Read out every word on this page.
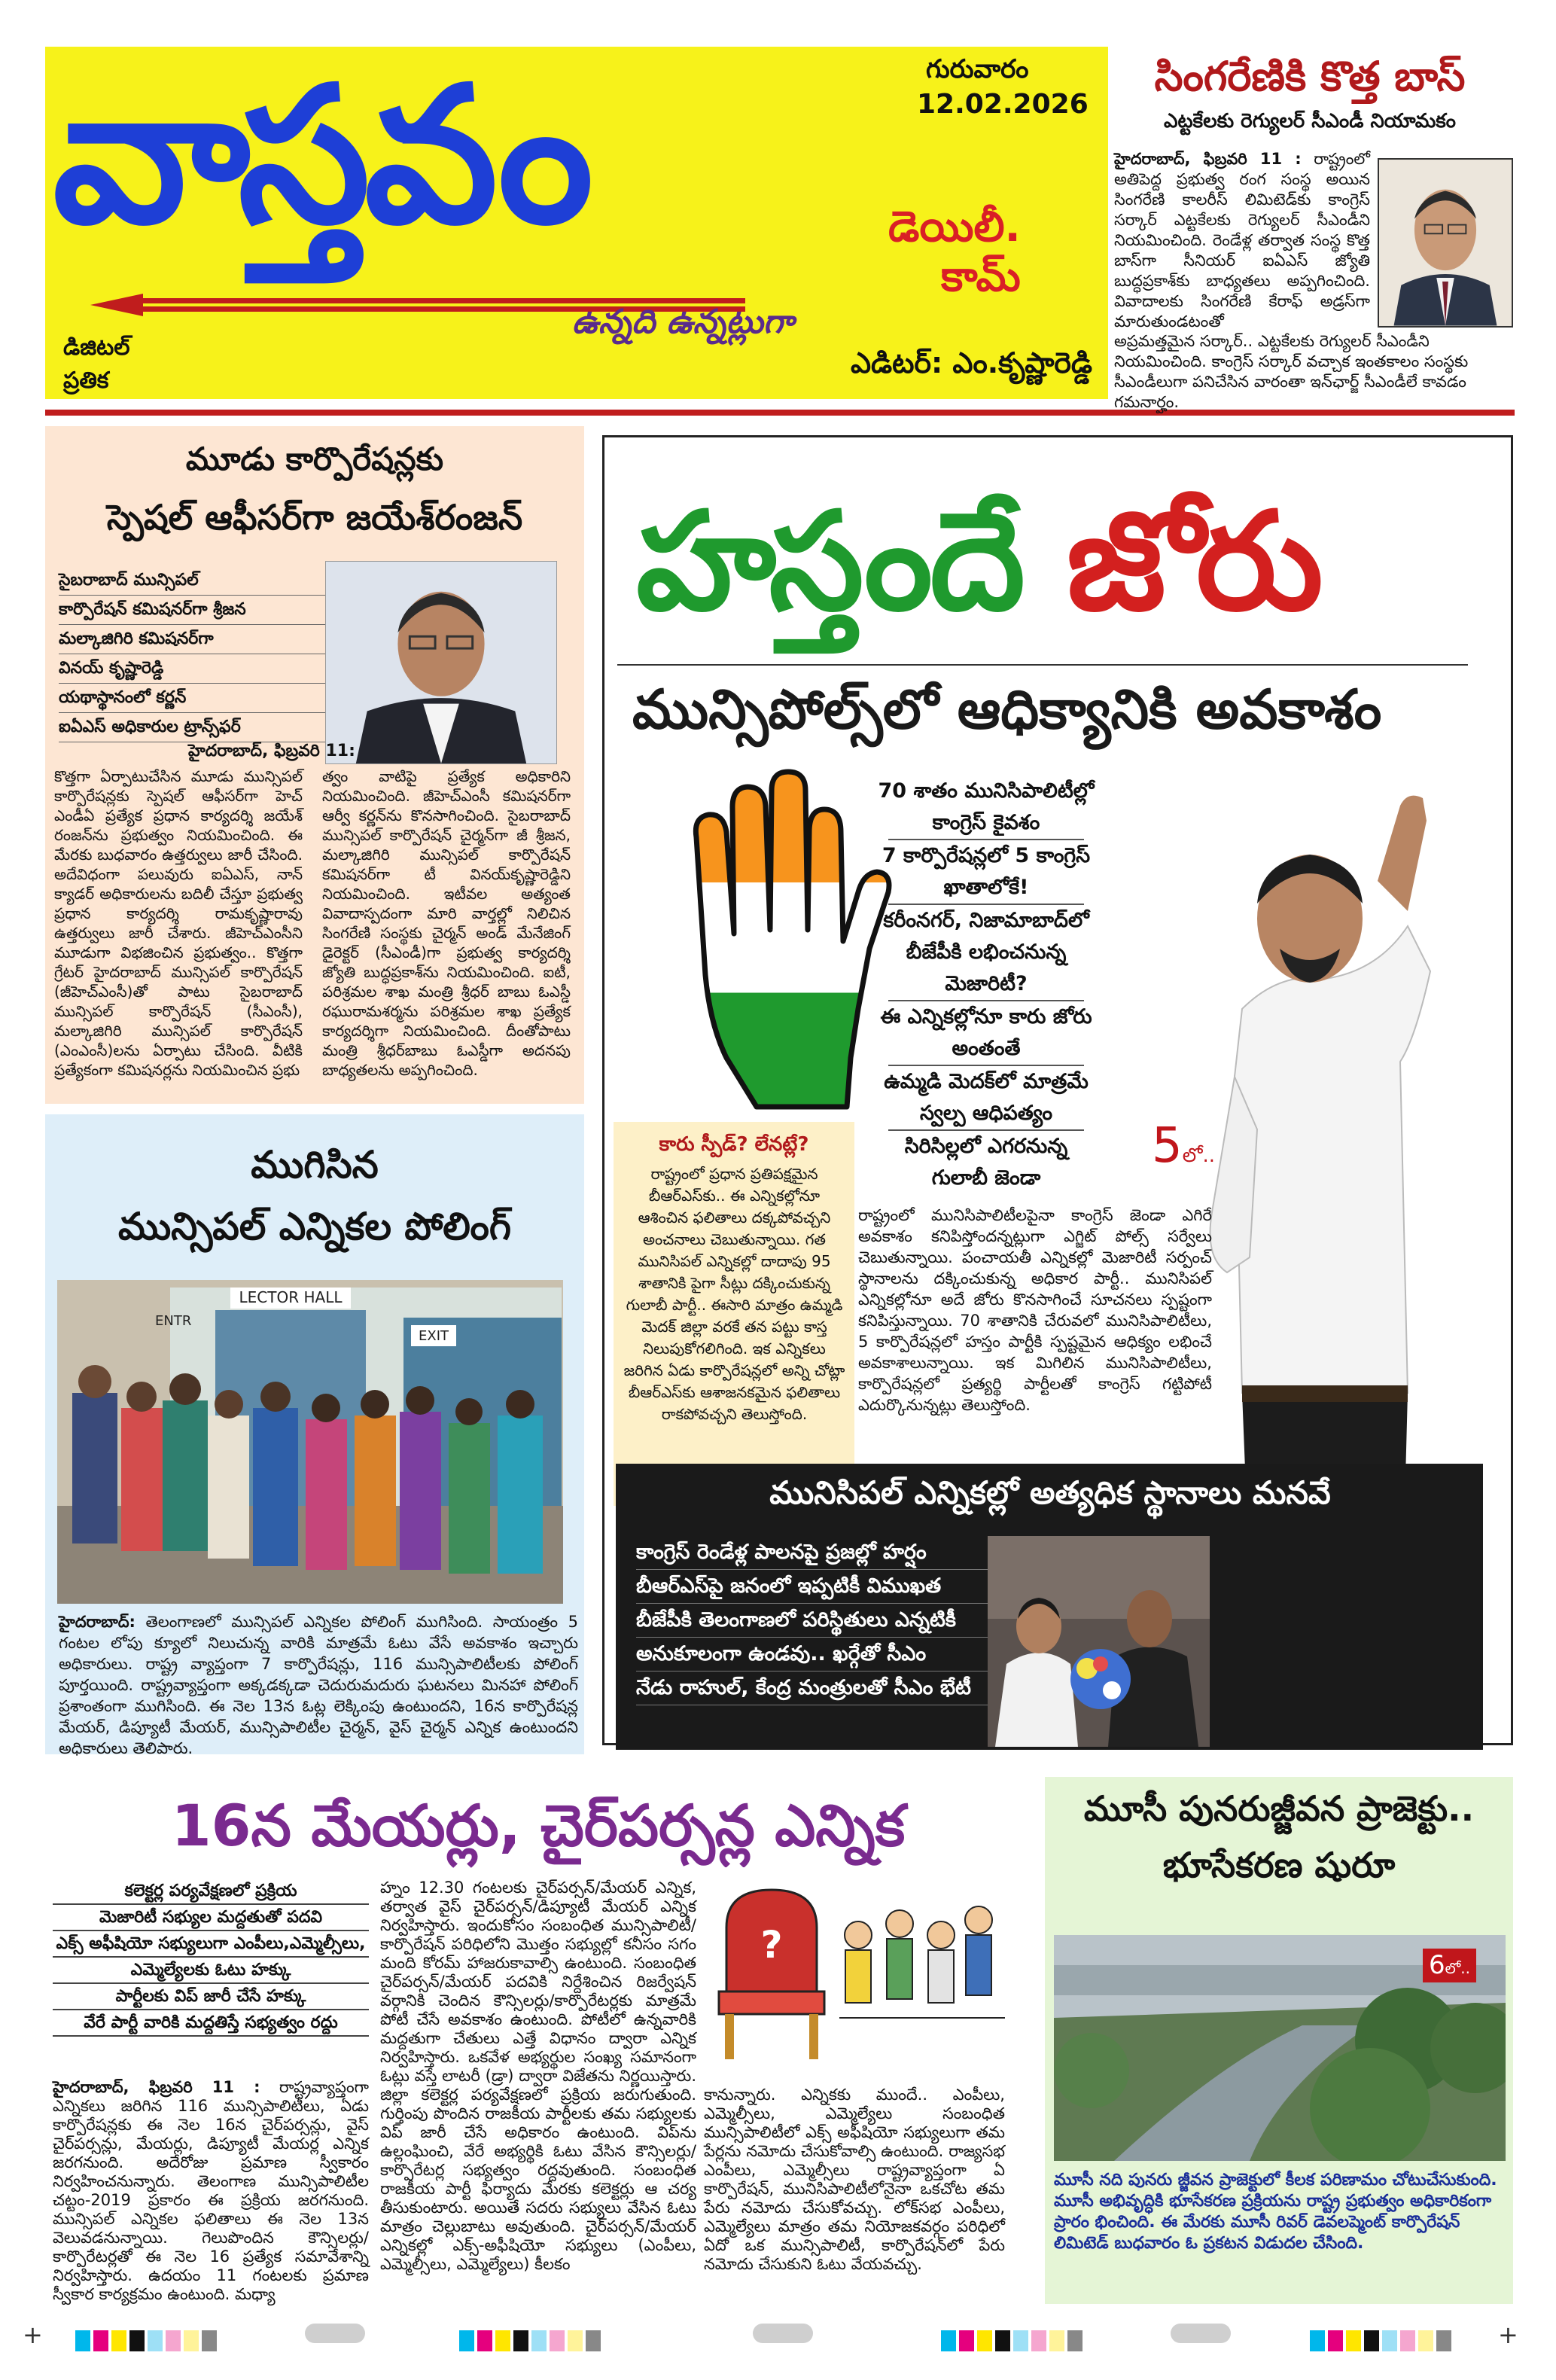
వాస్తవం
డిజిటల్
ప్రతిక
గురువారం
12.02.2026
డెయిలీ.
కామ్
ఉన్నది ఉన్నట్లుగా
ఎడిటర్: ఎం.కృష్ణారెడ్డి
సింగరేణికి కొత్త బాస్
ఎట్టకేలకు రెగ్యులర్ సీఎండీ నియామకం
హైదరాబాద్, ఫిబ్రవరి 11 : రాష్ట్రంలో అతిపెద్ద ప్రభుత్వ రంగ సంస్థ అయిన సింగరేణి కాలరీస్ లిమిటెడ్‌కు కాంగ్రెస్ సర్కార్ ఎట్టకేలకు రెగ్యులర్ సీఎండీని నియమించింది. రెండేళ్ల తర్వాత సంస్థ కొత్త బాస్‌గా సీనియర్ ఐఏఎస్ జ్యోతి బుద్ధప్రకాశ్‌కు బాధ్యతలు అప్పగించింది. వివాదాలకు సింగరేణి కేరాఫ్ అడ్రస్‌గా మారుతుండటంతో
అప్రమత్తమైన సర్కార్.. ఎట్టకేలకు రెగ్యులర్ సీఎండీని నియమించింది. కాంగ్రెస్ సర్కార్ వచ్చాక ఇంతకాలం సంస్థకు సీఎండీలుగా పనిచేసిన వారంతా ఇన్‌ఛార్జ్ సీఎండీలే కావడం గమనార్హం.
మూడు కార్పొరేషన్లకు
స్పెషల్ ఆఫీసర్‌గా జయేశ్‌రంజన్
సైబరాబాద్ మున్సిపల్
కార్పొరేషన్ కమిషనర్‌గా శ్రీజన
మల్కాజిగిరి కమిషనర్‌గా
వినయ్ కృష్ణారెడ్డి
యథాస్థానంలో కర్ణన్
ఐఏఎస్ అధికారుల ట్రాన్స్‌ఫర్
హైదరాబాద్, ఫిబ్రవరి 11:
కొత్తగా ఏర్పాటుచేసిన మూడు మున్సిపల్ కార్పొరేషన్లకు స్పెషల్ ఆఫీసర్‌గా హెచ్ ఎండీఏ ప్రత్యేక ప్రధాన కార్యదర్శి జయేశ్ రంజన్‌ను ప్రభుత్వం నియమించింది. ఈ మేరకు బుధవారం ఉత్తర్వులు జారీ చేసింది. అదేవిధంగా పలువురు ఐఏఎస్, నాన్ క్యాడర్ అధికారులను బదిలీ చేస్తూ ప్రభుత్వ ప్రధాన కార్యదర్శి రామకృష్ణారావు ఉత్తర్వులు జారీ చేశారు. జీహెచ్‌ఎంసీని మూడుగా విభజించిన ప్రభుత్వం.. కొత్తగా గ్రేటర్ హైదరాబాద్ మున్సిపల్ కార్పొరేషన్ (జీహెచ్‌ఎంసీ)తో పాటు సైబరాబాద్ మున్సిపల్ కార్పొరేషన్ (సీఎంసీ), మల్కాజిగిరి మున్సిపల్ కార్పొరేషన్ (ఎంఎంసీ)లను ఏర్పాటు చేసింది. వీటికి ప్రత్యేకంగా కమిషనర్లను నియమించిన ప్రభు
త్వం వాటిపై ప్రత్యేక అధికారిని నియమించింది. జీహెచ్‌ఎంసీ కమిషనర్‌గా ఆర్వీ కర్ణన్‌ను కొనసాగించింది. సైబరాబాద్ మున్సిపల్ కార్పొరేషన్ చైర్మన్‌గా జీ శ్రీజన, మల్కాజిగిరి మున్సిపల్ కార్పొరేషన్ కమిషనర్‌గా టీ వినయ్‌కృష్ణారెడ్డిని నియమించింది. ఇటీవల అత్యంత వివాదాస్పదంగా మారి వార్తల్లో నిలిచిన సింగరేణి సంస్థకు చైర్మన్ అండ్ మేనేజింగ్ డైరెక్టర్ (సీఎండీ)గా ప్రభుత్వ కార్యదర్శి జ్యోతి బుద్ధప్రకాశ్‌ను నియమించింది. ఐటీ, పరిశ్రమల శాఖ మంత్రి శ్రీధర్ బాబు ఓఎస్డీ రఘురామశర్మను పరిశ్రమల శాఖ ప్రత్యేక కార్యదర్శిగా నియమించింది. దీంతోపాటు మంత్రి శ్రీధర్‌బాబు ఓఎస్డీగా అదనపు బాధ్యతలను అప్పగించింది.
ముగిసిన
మున్సిపల్ ఎన్నికల పోలింగ్
LECTOR HALL
EXIT
ENTR
హైదరాబాద్: తెలంగాణలో మున్సిపల్ ఎన్నికల పోలింగ్ ముగిసింది. సాయంత్రం 5 గంటల లోపు క్యూలో నిలుచున్న వారికి మాత్రమే ఓటు వేసే అవకాశం ఇచ్చారు అధికారులు. రాష్ట్ర వ్యాప్తంగా 7 కార్పొరేషన్లు, 116 మున్సిపాలిటీలకు పోలింగ్ పూర్తయింది. రాష్ట్రవ్యాప్తంగా అక్కడక్కడా చెదురుమదురు ఘటనలు మినహా పోలింగ్ ప్రశాంతంగా ముగిసింది. ఈ నెల 13న ఓట్ల లెక్కింపు ఉంటుందని, 16న కార్పొరేషన్ల మేయర్, డిప్యూటీ మేయర్, మున్సిపాలిటీల చైర్మన్, వైస్ చైర్మన్ ఎన్నిక ఉంటుందని అధికారులు తెలిపారు.
హస్తందే జోరు
మున్సిపోల్స్‌లో ఆధిక్యానికి అవకాశం
70 శాతం మునిసిపాలిటీల్లో
కాంగ్రెస్ కైవశం
7 కార్పొరేషన్లలో 5 కాంగ్రెస్
ఖాతాలోకే!
కరీంనగర్, నిజామాబాద్‌లో
బీజేపీకి లభించనున్న
మెజారిటీ?
ఈ ఎన్నికల్లోనూ కారు జోరు
అంతంతే
ఉమ్మడి మెదక్‌లో మాత్రమే
స్వల్ప ఆధిపత్యం
సిరిసిల్లలో ఎగరనున్న
గులాబీ జెండా
5లో..
కారు స్పీడ్? లేనట్లే?
రాష్ట్రంలో ప్రధాన ప్రతిపక్షమైన బీఆర్‌ఎస్‌కు.. ఈ ఎన్నికల్లోనూ ఆశించిన ఫలితాలు దక్కపోవచ్చని అంచనాలు చెబుతున్నాయి. గత మునిసిపల్ ఎన్నికల్లో దాదాపు 95 శాతానికి పైగా సీట్లు దక్కించుకున్న గులాబీ పార్టీ.. ఈసారి మాత్రం ఉమ్మడి మెదక్ జిల్లా వరకే తన పట్టు కాస్త నిలుపుకోగలిగింది. ఇక ఎన్నికలు జరిగిన ఏడు కార్పొరేషన్లలో అన్ని చోట్లా బీఆర్‌ఎస్‌కు ఆశాజనకమైన ఫలితాలు రాకపోవచ్చని తెలుస్తోంది.
రాష్ట్రంలో మునిసిపాలిటీలపైనా కాంగ్రెస్ జెండా ఎగిరే అవకాశం కనిపిస్తోందన్నట్లుగా ఎగ్జిట్ పోల్స్ సర్వేలు చెబుతున్నాయి. పంచాయతీ ఎన్నికల్లో మెజారిటీ సర్పంచ్ స్థానాలను దక్కించుకున్న అధికార పార్టీ.. మునిసిపల్ ఎన్నికల్లోనూ అదే జోరు కొనసాగించే సూచనలు స్పష్టంగా కనిపిస్తున్నాయి. 70 శాతానికి చేరువలో మునిసిపాలిటీలు, 5 కార్పొరేషన్లలో హస్తం పార్టీకి స్పష్టమైన ఆధిక్యం లభించే అవకాశాలున్నాయి. ఇక మిగిలిన మునిసిపాలిటీలు, కార్పొరేషన్లలో ప్రత్యర్థి పార్టీలతో కాంగ్రెస్ గట్టిపోటీ ఎదుర్కొనున్నట్లు తెలుస్తోంది.
మునిసిపల్ ఎన్నికల్లో అత్యధిక స్థానాలు మనవే
కాంగ్రెస్ రెండేళ్ల పాలనపై ప్రజల్లో హర్షం
బీఆర్‌ఎస్‌పై జనంలో ఇప్పటికీ విముఖత
బీజేపీకి తెలంగాణలో పరిస్థితులు ఎన్నటికీ
అనుకూలంగా ఉండవు.. ఖర్గేతో సీఎం
నేడు రాహుల్, కేంద్ర మంత్రులతో సీఎం భేటీ
16న మేయర్లు, చైర్‌పర్సన్ల ఎన్నిక
కలెక్టర్ల పర్యవేక్షణలో ప్రక్రియ
మెజారిటీ సభ్యుల మద్దతుతో పదవి
ఎక్స్ అఫీషియో సభ్యులుగా ఎంపీలు,ఎమ్మెల్సీలు,
ఎమ్మెల్యేలకు ఓటు హక్కు
పార్టీలకు విప్ జారీ చేసే హక్కు
వేరే పార్టీ వారికి మద్దతిస్తే సభ్యత్వం రద్దు
హైదరాబాద్, ఫిబ్రవరి 11 : రాష్ట్రవ్యాప్తంగా ఎన్నికలు జరిగిన 116 మున్సిపాలిటీలు, ఏడు కార్పొరేషన్లకు ఈ నెల 16న చైర్‌పర్సన్లు, వైస్ చైర్‌పర్సన్లు, మేయర్లు, డిప్యూటీ మేయర్ల ఎన్నిక జరగనుంది. అదేరోజు ప్రమాణ స్వీకారం నిర్వహించనున్నారు. తెలంగాణ మున్సిపాలిటీల చట్టం-2019 ప్రకారం ఈ ప్రక్రియ జరగనుంది. మున్సిపల్ ఎన్నికల ఫలితాలు ఈ నెల 13న వెలువడనున్నాయి. గెలుపొందిన కౌన్సిలర్లు/కార్పొరేటర్లతో ఈ నెల 16 ప్రత్యేక సమావేశాన్ని నిర్వహిస్తారు. ఉదయం 11 గంటలకు ప్రమాణ స్వీకార కార్యక్రమం ఉంటుంది. మధ్యా
హ్నం 12.30 గంటలకు చైర్‌పర్సన్/మేయర్ ఎన్నిక, తర్వాత వైస్ చైర్‌పర్సన్/డిప్యూటీ మేయర్ ఎన్నిక నిర్వహిస్తారు. ఇందుకోసం సంబంధిత మున్సిపాలిటీ/కార్పొరేషన్ పరిధిలోని మొత్తం సభ్యుల్లో కనీసం సగం మంది కోరమ్ హాజరుకావాల్సి ఉంటుంది. సంబంధిత చైర్‌పర్సన్/మేయర్ పదవికి నిర్దేశించిన రిజర్వేషన్ వర్గానికి చెందిన కౌన్సిలర్లు/కార్పొరేటర్లకు మాత్రమే పోటీ చేసే అవకాశం ఉంటుంది. పోటీలో ఉన్నవారికి మద్దతుగా చేతులు ఎత్తే విధానం ద్వారా ఎన్నిక నిర్వహిస్తారు. ఒకవేళ అభ్యర్థుల సంఖ్య సమానంగా ఓట్లు వస్తే లాటరీ (డ్రా) ద్వారా విజేతను నిర్ణయిస్తారు. జిల్లా కలెక్టర్ల పర్యవేక్షణలో ప్రక్రియ జరుగుతుంది. గుర్తింపు పొందిన రాజకీయ పార్టీలకు తమ సభ్యులకు విప్ జారీ చేసే అధికారం ఉంటుంది. విప్‌ను ఉల్లంఘించి, వేరే అభ్యర్థికి ఓటు వేసిన కౌన్సిలర్లు/కార్పొరేటర్ల సభ్యత్వం రద్దవుతుంది. సంబంధిత రాజకీయ పార్టీ ఫిర్యాదు మేరకు కలెక్టర్లు ఆ చర్య తీసుకుంటారు. అయితే సదరు సభ్యులు వేసిన ఓటు మాత్రం చెల్లుబాటు అవుతుంది. చైర్‌పర్సన్/మేయర్ ఎన్నికల్లో ఎక్స్-అఫీషియో సభ్యులు (ఎంపీలు, ఎమ్మెల్సీలు, ఎమ్మెల్యేలు) కీలకం
?
కానున్నారు. ఎన్నికకు ముందే.. ఎంపీలు, ఎమ్మెల్సీలు, ఎమ్మెల్యేలు సంబంధిత మున్సిపాలిటీలో ఎక్స్ అఫీషియో సభ్యులుగా తమ పేర్లను నమోదు చేసుకోవాల్సి ఉంటుంది. రాజ్యసభ ఎంపీలు, ఎమ్మెల్సీలు రాష్ట్రవ్యాప్తంగా ఏ కార్పొరేషన్, మునిసిపాలిటీలోనైనా ఒకచోట తమ పేరు నమోదు చేసుకోవచ్చు. లోక్‌సభ ఎంపీలు, ఎమ్మెల్యేలు మాత్రం తమ నియోజకవర్గం పరిధిలో ఏదో ఒక మున్సిపాలిటీ, కార్పొరేషన్‌లో పేరు నమోదు చేసుకుని ఓటు వేయవచ్చు.
మూసీ పునరుజ్జీవన ప్రాజెక్టు..
భూసేకరణ షురూ
6లో..
మూసీ నది పునరు జ్జీవన ప్రాజెక్టులో కీలక పరిణామం చోటుచేసుకుంది. మూసీ అభివృద్ధికి భూసేకరణ ప్రక్రియను రాష్ట్ర ప్రభుత్వం అధికారికంగా ప్రారం భించింది. ఈ మేరకు మూసీ రివర్ డెవలప్మెంట్ కార్పొరేషన్ లిమిటెడ్ బుధవారం ఓ ప్రకటన విడుదల చేసింది.
+	+
